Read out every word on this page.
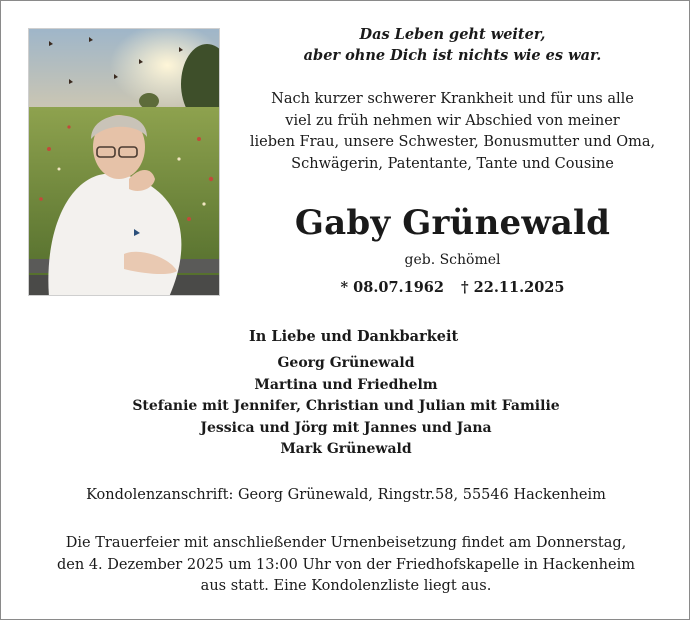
Das Leben geht weiter,
aber ohne Dich ist nichts wie es war.
Nach kurzer schwerer Krankheit und für uns alle
viel zu früh nehmen wir Abschied von meiner
lieben Frau, unsere Schwester, Bonusmutter und Oma,
Schwägerin, Patentante, Tante und Cousine
Gaby Grünewald
geb. Schömel
* 08.07.1962 † 22.11.2025
In Liebe und Dankbarkeit
Georg Grünewald
Martina und Friedhelm
Stefanie mit Jennifer, Christian und Julian mit Familie
Jessica und Jörg mit Jannes und Jana
Mark Grünewald
Kondolenzanschrift: Georg Grünewald, Ringstr.58, 55546 Hackenheim
Die Trauerfeier mit anschließender Urnenbeisetzung findet am Donnerstag,
den 4. Dezember 2025 um 13:00 Uhr von der Friedhofskapelle in Hackenheim
aus statt. Eine Kondolenzliste liegt aus.
